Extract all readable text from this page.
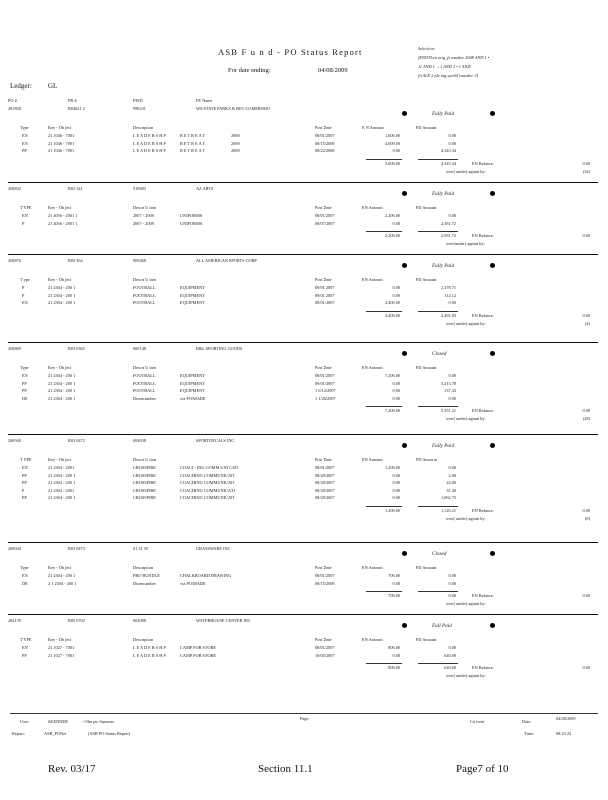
ASB F u n d - PO Status Report
For date ending:	04/08/2009
Ledger: GL
Selection:
(ENDTLen orig_fs waukee 2008 AND 1 •
11 AND 1 →1 AND 1 • 1 AND
(GALE 2 ple ing yun04 )waukee 31
PO #	PR #	FEID	FE Name
281858	R04621 2	998231	WA STATE PARKS & REC COMMISSIO
Fully Paid
Type	Key - Ob ject	Description	Post Date	E N Amount	PD Amount
EN	21 1046 - 7001	L E A D E R S H P	R E T R E A T	2008	08/01/2007	1,600.00	0.00
EN	21 1046 - 7001	L E A D E R S H P	R E T R E A T	2008	08/15/2008	4,000.00	0.00
PP	21 1046 - 7001	L E A D E R S H P	R E T R E A T	2008	08/22/2008	0.00	4,343.34
5,600.00	4,343.34	EN Balance:	0.00
over( under) agmnt by:	(34)
268832	R03 341	910683	AZ ARTS
Fully Paid
T YPE	Key - Ob ject	Descri U tion	Post Date	EN Amount	PD Amount
EN	21 4056 - 2001 1	2007 - 2008	UNIFORMS	08/01/2007	2,200.00	0.00
P	21 4056 - 2001 1	2007 - 2008	UNIFORMS	08/07/2007	0.00	2,581.72
2,200.00	2,581.72	EN Balance:	0.00
over(under) agmnt by:
268876	R03 364	909468	ALL AMERICAN SPORTS CORP
Fully Paid
T ype	Key - Ob ject	Descri U tion	Post Date	EN Amount	PD Amount
P	21 2304 - 200 1	FOOTBALL	EQUIPMENT	09/01 2007	0.00	2,378.71
P	21 2304 - 200 1	FOOTBALL	EQUIPMENT	09/01 2007	0.00	112.12
EN	21 2304 - 200 1	FOOTBALL	EQUIPMENT	08/01/2007	2,400.00	0.00
2,400.00	2,491.83	EN Balance:	0.00
over( under) agmnt by:	(4)
268869	R03 0365	000148	B&L SPORTING GOODS
Closed
Type	Key - Ob ject	Descri U tion	Post Date	EN Amount	PD Amount
EN	21 2304 - 200 1	FOOTBALL	EQUIPMENT	08/01/2007	7,200.00	0.00
PP	21 2304 - 200 1	FOOTBALL	EQUIPMENT	09/01/2007	0.00	5,213.78
PP	21 2304 - 200 1	FOOTBALL	EQUIPMENT	1 0/12/2007	0.00	137.43
DE	21 2304 - 200 1	Disencumber	via PO/MADE	1 1/26/2007	0.00	0.00
7,200.00	5,351.21	EN Balance:	0.00
over( under) agmnt by:	(28)
268940	R03 0472	004038	SPORTDECALS INC
Fully Paid
T YPE	Key - Ob ject	Descri U tion	Post Date	EN Amount	PD Amou nt
EN	21 2304 - 2001	CROSSFIRE	COACI - ING COMM UNI CATI	08/01/2007	1,200.00	0.00
PP	21 2304 - 200 1	CROSSFIRE	COACHING COMMUNICATI	08/28/2007	0.00	2.06
PP	21 2304 - 200 1	CROSSFIRE	COACHING COMMUNICATI	08/28/2007	0.00	24.00
P	21 2304 - 2001	CROSSFIRE	COACHING COMMUNICA TI	08/28/2007	0.00	31.40
PP	21 2304 - 200 1	CROSSFIRE	COACHING COMMUNICATI	08/28/2007	0.00	1,062.75
1,200.00	1,120.21	EN Balance:	0.00
over( under) agmnt by:	(8)
268944	R03 0473	01 31 35	GRASSWARE INC
Closed
Type	Key - Ob ject	Description	Post Date	EN Amount	PD Amount
EN	21 2304 - 200 1	PRO BUNDLE	CHALKBOARD DRAWING	08/01/2007	700.00	0.00
DE	2 1 2304 - 200 1	Disencumber	via PO/MADE	08/15/2008	0.00	0.00
700.00	0.00	EN Balance:	0.00
over( under) agmnt by:
284139	R05 0702	004088	WATERHOUSE CENTER INC
Full Paid
T YPE	Key - Ob ject	Description	Post Date	EN Amount	PD Amount
EN	21 1027 - 7001	L E A D E R S H P	CAMP FOR STORE	08/01/2007	800.00	0.00
PP	21 1027 - 7001	L E A D E R S H P	CAMP FOR STORE	10/05/2007	0.00	640.00
800.00	640.00	EN Balance:	0.00
over( under) agmnt by:
User:	SKENNER	- Olm pic Summer
Page:
Cu rrent	Date:
04/08/2009
Report:	ASB_PONet	(ASB PO Status Report)	Time:	08:23:22
Rev. 03/17	Section 11.1	Page7 of 10
